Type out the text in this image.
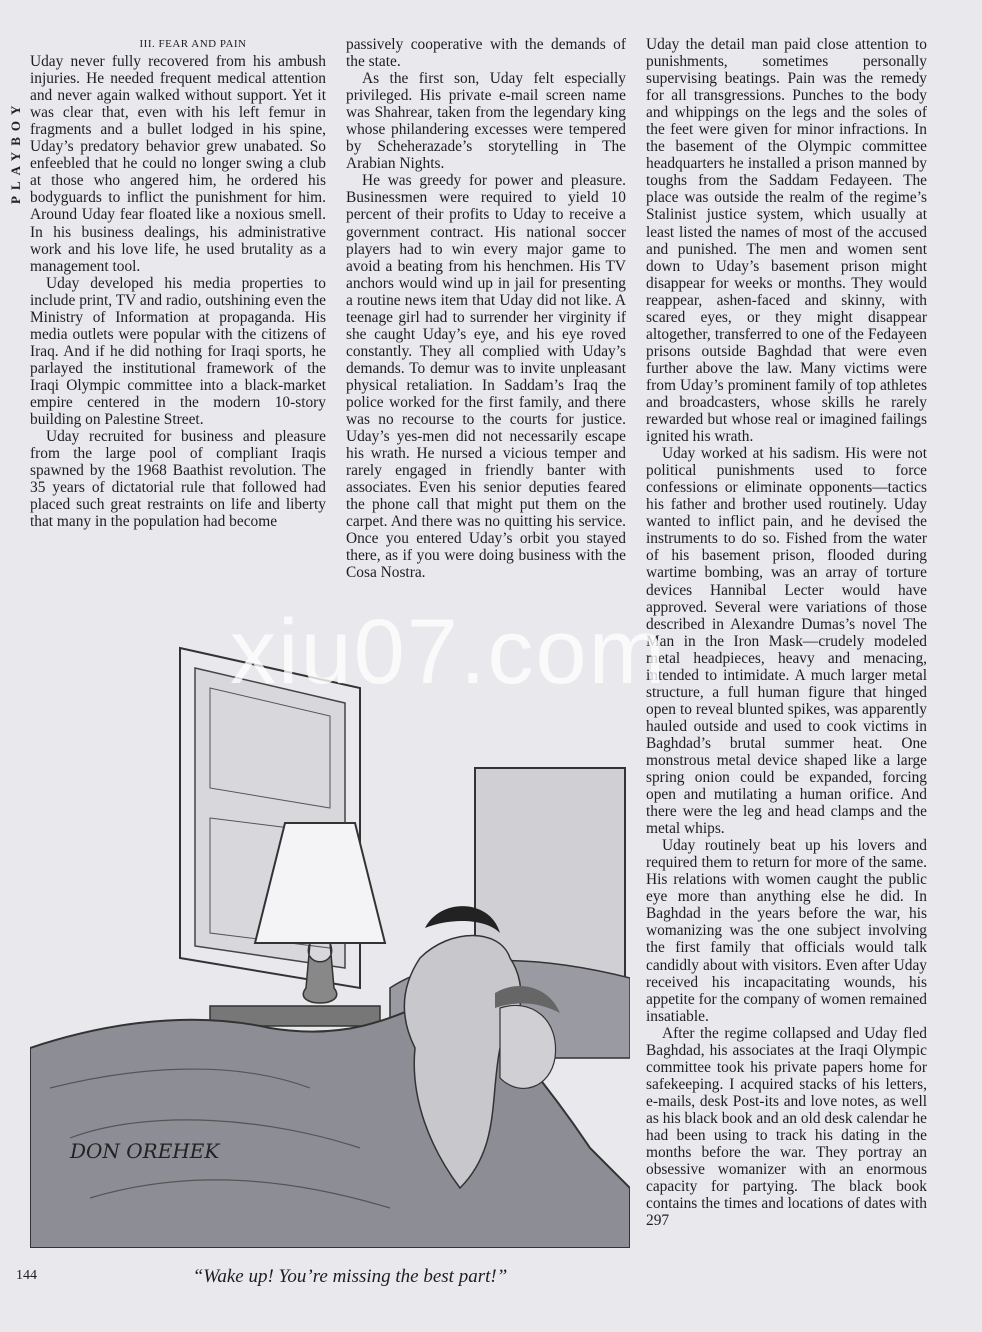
PLAYBOY

III. FEAR AND PAIN

Uday never fully recovered from his ambush injuries. He needed frequent medical attention and never again walked without support. Yet it was clear that, even with his left femur in fragments and a bullet lodged in his spine, Uday’s predatory behavior grew unabated. So enfeebled that he could no longer swing a club at those who angered him, he ordered his bodyguards to inflict the punishment for him. Around Uday fear floated like a noxious smell. In his business dealings, his administrative work and his love life, he used brutality as a management tool.

Uday developed his media properties to include print, TV and radio, outshining even the Ministry of Information at propaganda. His media outlets were popular with the citizens of Iraq. And if he did nothing for Iraqi sports, he parlayed the institutional framework of the Iraqi Olympic committee into a black-market empire centered in the modern 10-story building on Palestine Street.

Uday recruited for business and pleasure from the large pool of compliant Iraqis spawned by the 1968 Baathist revolution. The 35 years of dictatorial rule that followed had placed such great restraints on life and liberty that many in the population had become

passively cooperative with the demands of the state.

As the first son, Uday felt especially privileged. His private e-mail screen name was Shahrear, taken from the legendary king whose philandering excesses were tempered by Scheherazade’s storytelling in The Arabian Nights.

He was greedy for power and pleasure. Businessmen were required to yield 10 percent of their profits to Uday to receive a government contract. His national soccer players had to win every major game to avoid a beating from his henchmen. His TV anchors would wind up in jail for presenting a routine news item that Uday did not like. A teenage girl had to surrender her virginity if she caught Uday’s eye, and his eye roved constantly. They all complied with Uday’s demands. To demur was to invite unpleasant physical retaliation. In Saddam’s Iraq the police worked for the first family, and there was no recourse to the courts for justice. Uday’s yes-men did not necessarily escape his wrath. He nursed a vicious temper and rarely engaged in friendly banter with associates. Even his senior deputies feared the phone call that might put them on the carpet. And there was no quitting his service. Once you entered Uday’s orbit you stayed there, as if you were doing business with the Cosa Nostra.

Uday the detail man paid close attention to punishments, sometimes personally supervising beatings. Pain was the remedy for all transgressions. Punches to the body and whippings on the legs and the soles of the feet were given for minor infractions. In the basement of the Olympic committee headquarters he installed a prison manned by toughs from the Saddam Fedayeen. The place was outside the realm of the regime’s Stalinist justice system, which usually at least listed the names of most of the accused and punished. The men and women sent down to Uday’s basement prison might disappear for weeks or months. They would reappear, ashen-faced and skinny, with scared eyes, or they might disappear altogether, transferred to one of the Fedayeen prisons outside Baghdad that were even further above the law. Many victims were from Uday’s prominent family of top athletes and broadcasters, whose skills he rarely rewarded but whose real or imagined failings ignited his wrath.

Uday worked at his sadism. His were not political punishments used to force confessions or eliminate opponents—tactics his father and brother used routinely. Uday wanted to inflict pain, and he devised the instruments to do so. Fished from the water of his basement prison, flooded during wartime bombing, was an array of torture devices Hannibal Lecter would have approved. Several were variations of those described in Alexandre Dumas’s novel The Man in the Iron Mask—crudely modeled metal headpieces, heavy and menacing, intended to intimidate. A much larger metal structure, a full human figure that hinged open to reveal blunted spikes, was apparently hauled outside and used to cook victims in Baghdad’s brutal summer heat. One monstrous metal device shaped like a large spring onion could be expanded, forcing open and mutilating a human orifice. And there were the leg and head clamps and the metal whips.

Uday routinely beat up his lovers and required them to return for more of the same. His relations with women caught the public eye more than anything else he did. In Baghdad in the years before the war, his womanizing was the one subject involving the first family that officials would talk candidly about with visitors. Even after Uday received his incapacitating wounds, his appetite for the company of women remained insatiable.

After the regime collapsed and Uday fled Baghdad, his associates at the Iraqi Olympic committee took his private papers home for safekeeping. I acquired stacks of his letters, e-mails, desk Post-its and love notes, as well as his black book and an old desk calendar he had been using to track his dating in the months before the war. They portray an obsessive womanizer with an enormous capacity for partying. The black book contains the times and locations of dates with 297

DON OREHEK
xiu07.com
144	“Wake up! You’re missing the best part!”
